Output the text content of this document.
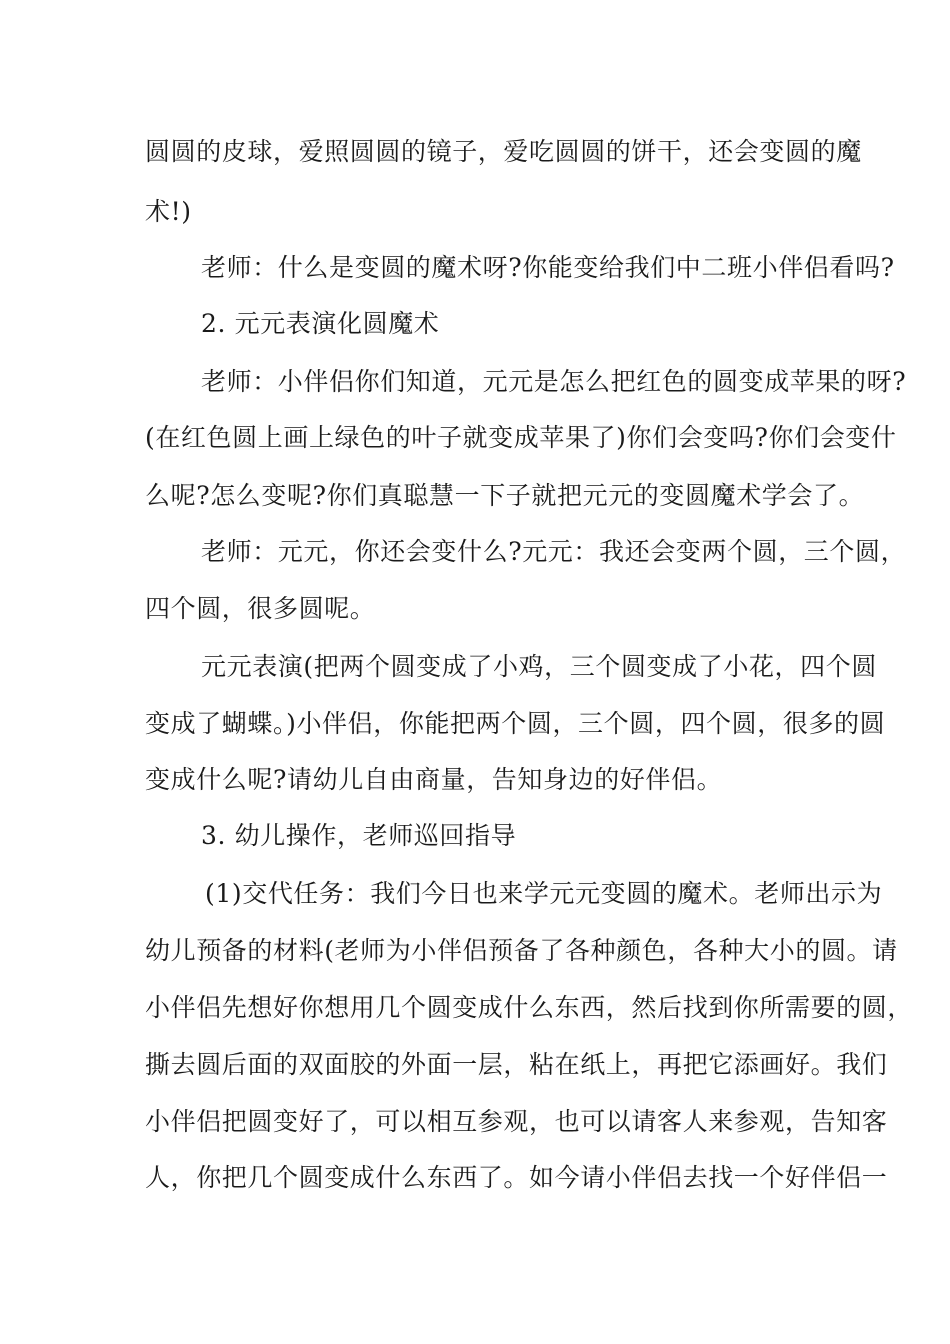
圆圆的皮球，爱照圆圆的镜子，爱吃圆圆的饼干，还会变圆的魔
术!)
老师：什么是变圆的魔术呀?你能变给我们中二班小伴侣看吗?
2. 元元表演化圆魔术
老师：小伴侣你们知道，元元是怎么把红色的圆变成苹果的呀?
(在红色圆上画上绿色的叶子就变成苹果了)你们会变吗?你们会变什
么呢?怎么变呢?你们真聪慧一下子就把元元的变圆魔术学会了。
老师：元元，你还会变什么?元元：我还会变两个圆，三个圆，
四个圆，很多圆呢。
元元表演(把两个圆变成了小鸡，三个圆变成了小花，四个圆
变成了蝴蝶。)小伴侣，你能把两个圆，三个圆，四个圆，很多的圆
变成什么呢?请幼儿自由商量，告知身边的好伴侣。
3. 幼儿操作，老师巡回指导
(1)交代任务：我们今日也来学元元变圆的魔术。老师出示为
幼儿预备的材料(老师为小伴侣预备了各种颜色，各种大小的圆。请
小伴侣先想好你想用几个圆变成什么东西，然后找到你所需要的圆，
撕去圆后面的双面胶的外面一层，粘在纸上，再把它添画好。我们
小伴侣把圆变好了，可以相互参观，也可以请客人来参观，告知客
人，你把几个圆变成什么东西了。如今请小伴侣去找一个好伴侣一
